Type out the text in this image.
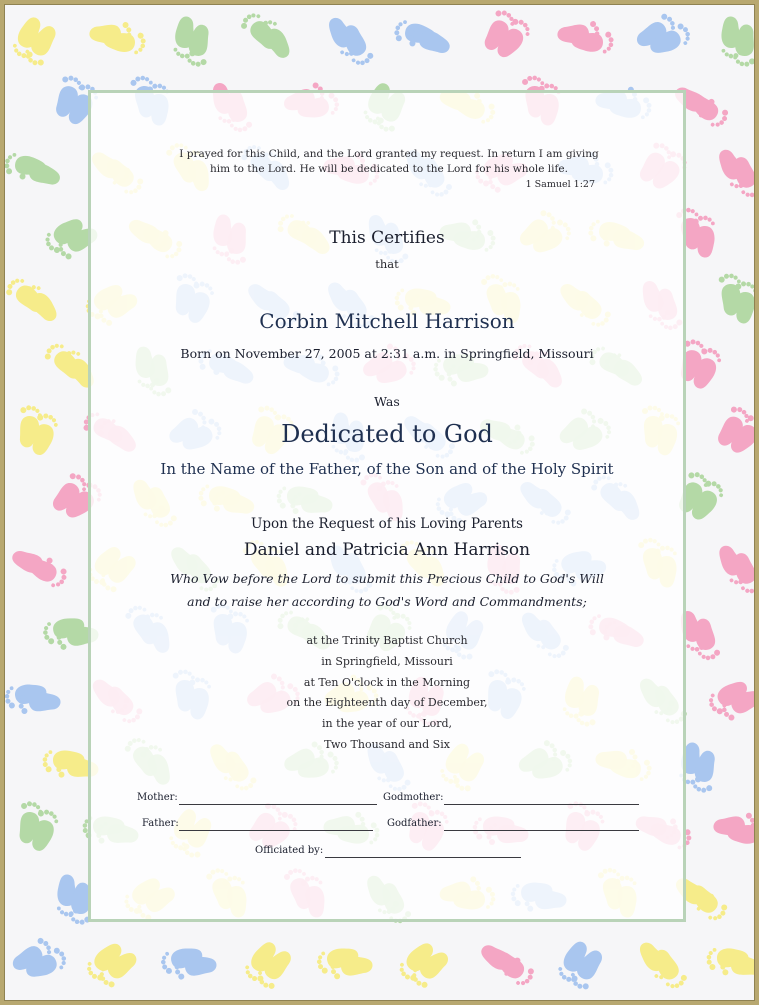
I prayed for this Child, and the Lord granted my request. In return I am giving
him to the Lord. He will be dedicated to the Lord for his whole life.
1 Samuel 1:27
This Certifies
that
Corbin Mitchell Harrison
Born on November 27, 2005 at 2:31 a.m. in Springfield, Missouri
Was
Dedicated to God
In the Name of the Father, of the Son and of the Holy Spirit
Upon the Request of his Loving Parents
Daniel and Patricia Ann Harrison
Who Vow before the Lord to submit this Precious Child to God's Will
and to raise her according to God's Word and Commandments;
at the Trinity Baptist Church
in Springfield, Missouri
at Ten O'clock in the Morning
on the Eighteenth day of December,
in the year of our Lord,
Two Thousand and Six
Mother:	Godmother:
Father:	Godfather:
Officiated by:
